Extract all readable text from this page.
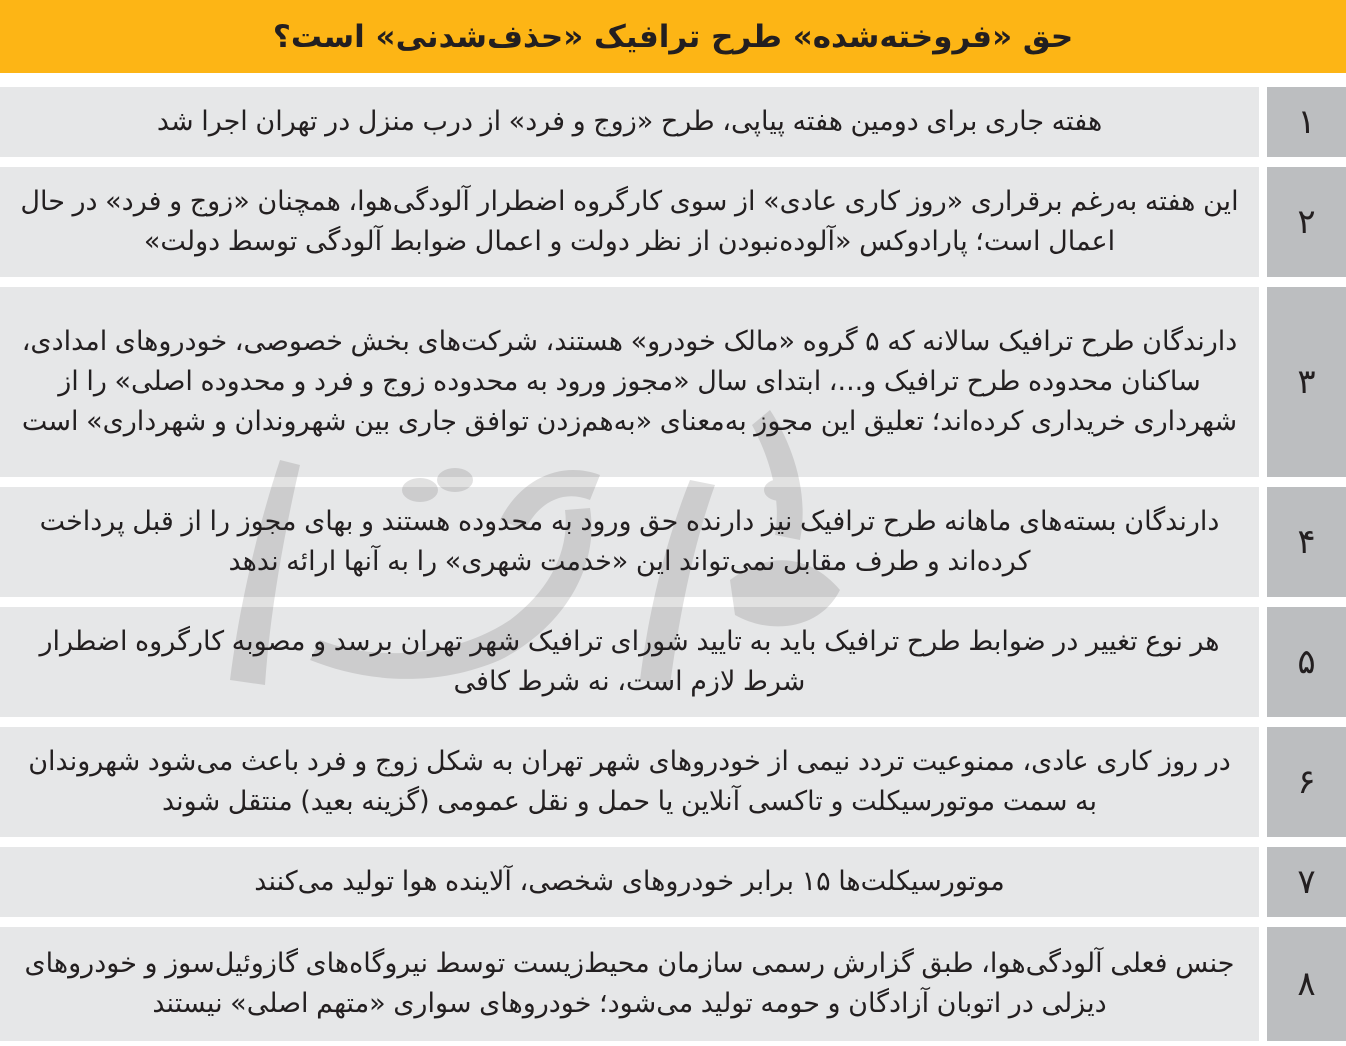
حق «فروخته‌شده» طرح ترافیک «حذف‌شدنی» است؟
۱

هفته جاری برای دومین هفته پیاپی، طرح «زوج و فرد» از درب منزل در تهران اجرا شد

۲

این هفته به‌رغم برقراری «روز کاری عادی» از سوی کارگروه اضطرار آلودگی‌هوا، همچنان «زوج و فرد» در حال اعمال است؛ پارادوکس «آلوده‌نبودن از نظر دولت و اعمال ضوابط آلودگی توسط دولت»

۳

دارندگان طرح ترافیک سالانه که ۵ گروه «مالک خودرو» هستند، شرکت‌های بخش خصوصی، خودروهای امدادی، ساکنان محدوده طرح ترافیک و...، ابتدای سال «مجوز ورود به محدوده زوج و فرد و محدوده اصلی» را از شهرداری خریداری کرده‌اند؛ تعلیق این مجوز به‌معنای «به‌هم‌زدن توافق جاری بین شهروندان و شهرداری» است

۴

دارندگان بسته‌های ماهانه طرح ترافیک نیز دارنده حق ورود به محدوده هستند و بهای مجوز را از قبل پرداخت کرده‌اند و طرف مقابل نمی‌تواند این «خدمت شهری» را به آنها ارائه ندهد

۵

هر نوع تغییر در ضوابط طرح ترافیک باید به تایید شورای ترافیک شهر تهران برسد و مصوبه کارگروه اضطرار شرط لازم است، نه شرط کافی

۶

در روز کاری عادی، ممنوعیت تردد نیمی از خودروهای شهر تهران به شکل زوج و فرد باعث می‌شود شهروندان به سمت موتورسیکلت و تاکسی آنلاین یا حمل و نقل عمومی (گزینه بعید) منتقل شوند

۷

موتورسیکلت‌ها ۱۵ برابر خودروهای شخصی، آلاینده هوا تولید می‌کنند

۸

جنس فعلی آلودگی‌هوا، طبق گزارش رسمی سازمان محیط‌زیست توسط نیروگاه‌های گازوئیل‌سوز و خودروهای دیزلی در اتوبان آزادگان و حومه تولید می‌شود؛ خودروهای سواری «متهم اصلی» نیستند
